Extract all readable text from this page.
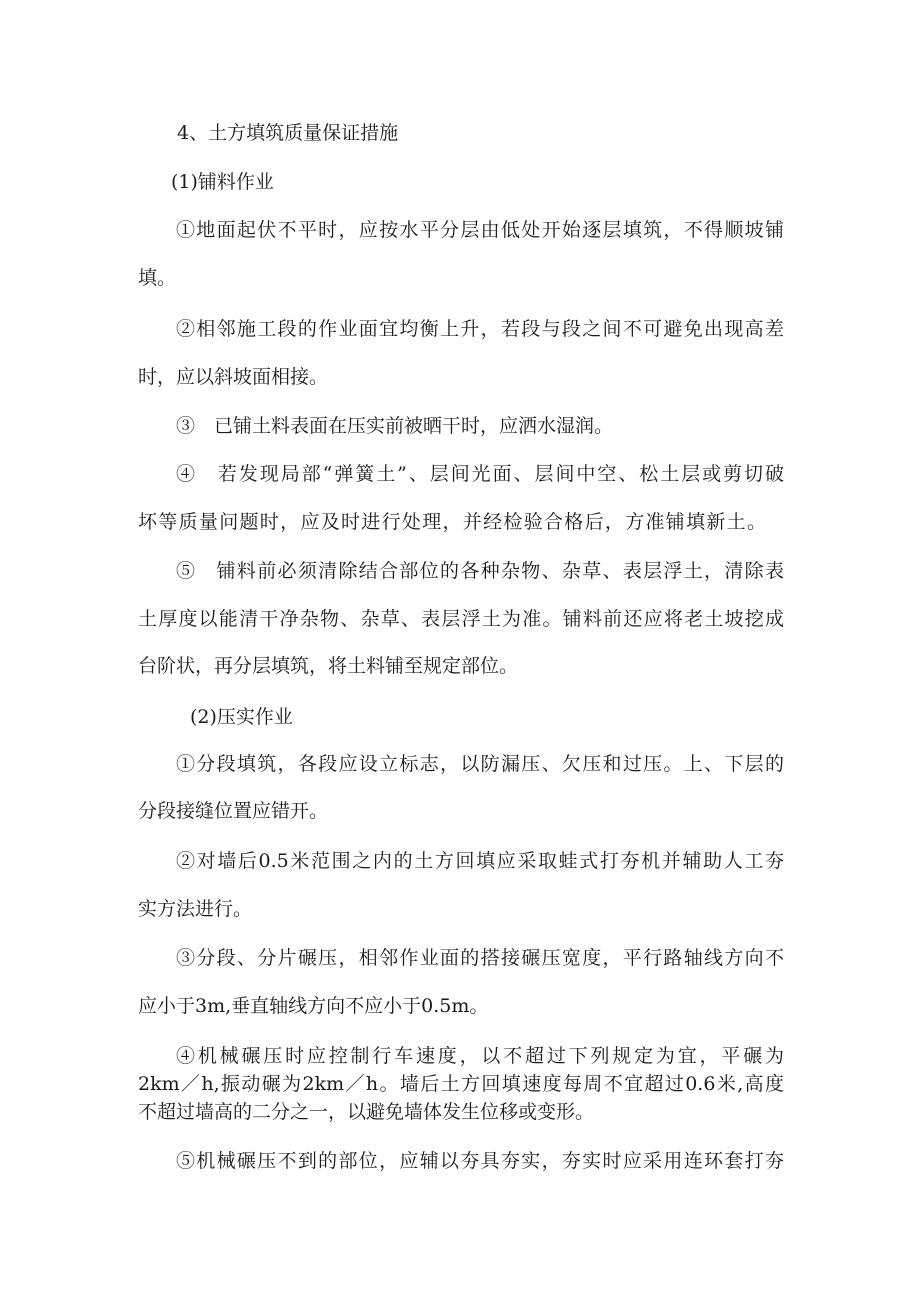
4、土方填筑质量保证措施
(1)铺料作业
①地面起伏不平时，应按水平分层由低处开始逐层填筑，不得顺坡铺
填。
②相邻施工段的作业面宜均衡上升，若段与段之间不可避免出现高差
时，应以斜坡面相接。
③　已铺土料表面在压实前被晒干时，应洒水湿润。
④　若发现局部“弹簧土”、层间光面、层间中空、松土层或剪切破
坏等质量问题时，应及时进行处理，并经检验合格后，方准铺填新土。
⑤　铺料前必须清除结合部位的各种杂物、杂草、表层浮土，清除表
土厚度以能清干净杂物、杂草、表层浮土为准。铺料前还应将老土坡挖成
台阶状，再分层填筑，将土料铺至规定部位。
(2)压实作业
①分段填筑，各段应设立标志，以防漏压、欠压和过压。上、下层的
分段接缝位置应错开。
②对墙后0.5米范围之内的土方回填应采取蛙式打夯机并辅助人工夯
实方法进行。
③分段、分片碾压，相邻作业面的搭接碾压宽度，平行路轴线方向不
应小于3m,垂直轴线方向不应小于0.5m。
④机械碾压时应控制行车速度，以不超过下列规定为宜，平碾为
2km／h,振动碾为2km／h。墙后土方回填速度每周不宜超过0.6米,高度
不超过墙高的二分之一，以避免墙体发生位移或变形。
⑤机械碾压不到的部位，应辅以夯具夯实，夯实时应采用连环套打夯
